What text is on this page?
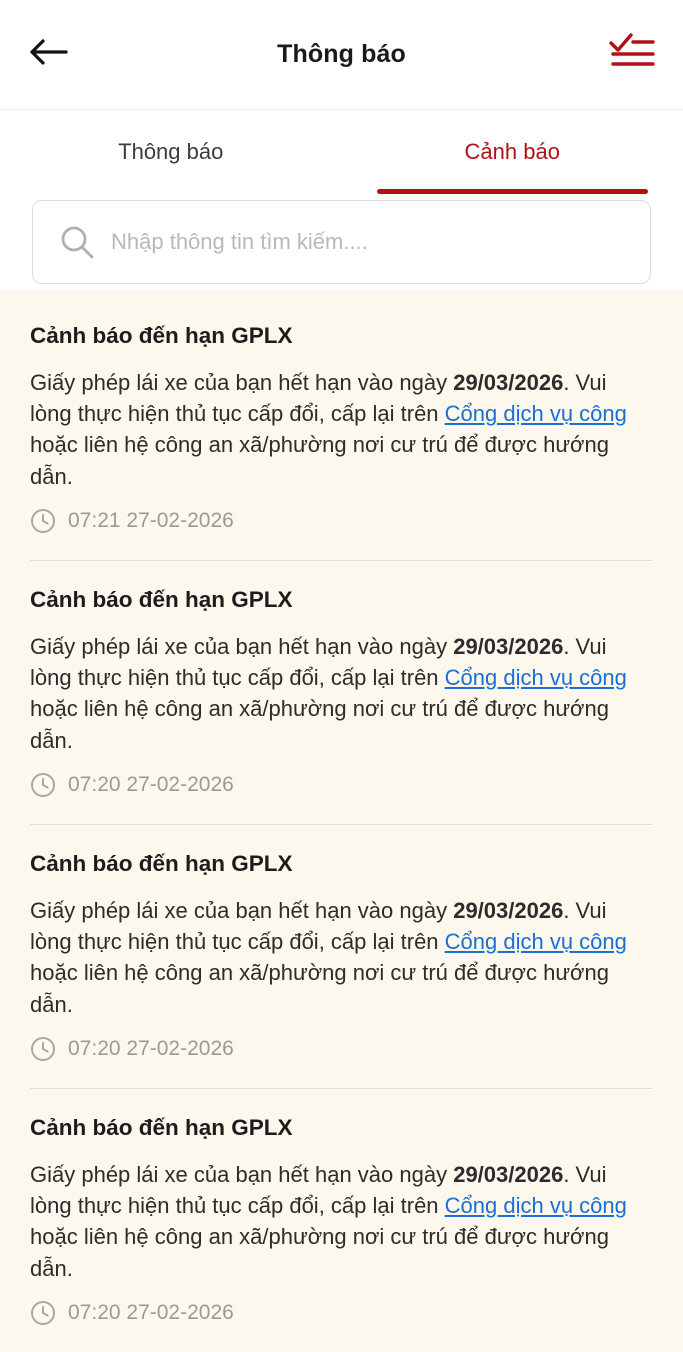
Thông báo
Thông báo	Cảnh báo
Nhập thông tin tìm kiếm....
Cảnh báo đến hạn GPLX
Giấy phép lái xe của bạn hết hạn vào ngày 29/03/2026. Vui lòng thực hiện thủ tục cấp đổi, cấp lại trên Cổng dịch vụ công hoặc liên hệ công an xã/phường nơi cư trú để được hướng dẫn.
07:21 27-02-2026
Cảnh báo đến hạn GPLX
Giấy phép lái xe của bạn hết hạn vào ngày 29/03/2026. Vui lòng thực hiện thủ tục cấp đổi, cấp lại trên Cổng dịch vụ công hoặc liên hệ công an xã/phường nơi cư trú để được hướng dẫn.
07:20 27-02-2026
Cảnh báo đến hạn GPLX
Giấy phép lái xe của bạn hết hạn vào ngày 29/03/2026. Vui lòng thực hiện thủ tục cấp đổi, cấp lại trên Cổng dịch vụ công hoặc liên hệ công an xã/phường nơi cư trú để được hướng dẫn.
07:20 27-02-2026
Cảnh báo đến hạn GPLX
Giấy phép lái xe của bạn hết hạn vào ngày 29/03/2026. Vui lòng thực hiện thủ tục cấp đổi, cấp lại trên Cổng dịch vụ công hoặc liên hệ công an xã/phường nơi cư trú để được hướng dẫn.
07:20 27-02-2026
